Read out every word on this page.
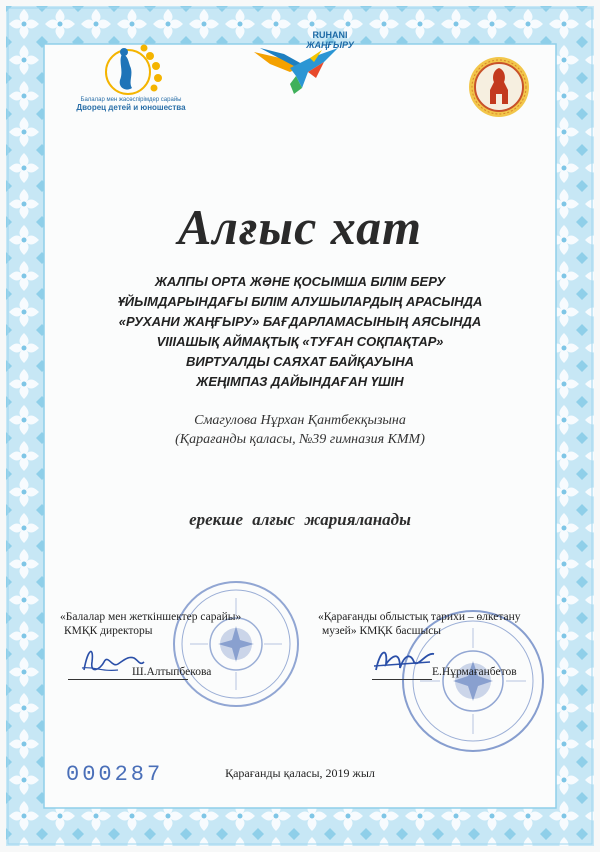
Балалар мен жасөспірімдер сарайы
Дворец детей и юношества
RUHANI
ЖАҢҒЫРУ
Алғыс хат
ЖАЛПЫ ОРТА ЖӘНЕ ҚОСЫМША БІЛІМ БЕРУ
ҰЙЫМДАРЫНДАҒЫ БІЛІМ АЛУШЫЛАРДЫҢ АРАСЫНДА
«РУХАНИ ЖАҢҒЫРУ» БАҒДАРЛАМАСЫНЫҢ АЯСЫНДА
VIIIАШЫҚ АЙМАҚТЫҚ «ТУҒАН СОҚПАҚТАР»
ВИРТУАЛДЫ САЯХАТ БАЙҚАУЫНА
ЖЕҢІМПАЗ ДАЙЫНДАҒАН ҮШІН
Смагулова Нұрхан Қантбекқызына
(Қарағанды қаласы, №39 гимназия КММ)
ерекше алғыс жарияланады
«Балалар мен жеткіншектер сарайы»
КМҚК директоры
«Қарағанды облыстық тарихи – өлкетану
музей» КМҚК басшысы
Ш.Алтыпбекова	Е.Нұрмағанбетов
000287	Қарағанды қаласы, 2019 жыл
